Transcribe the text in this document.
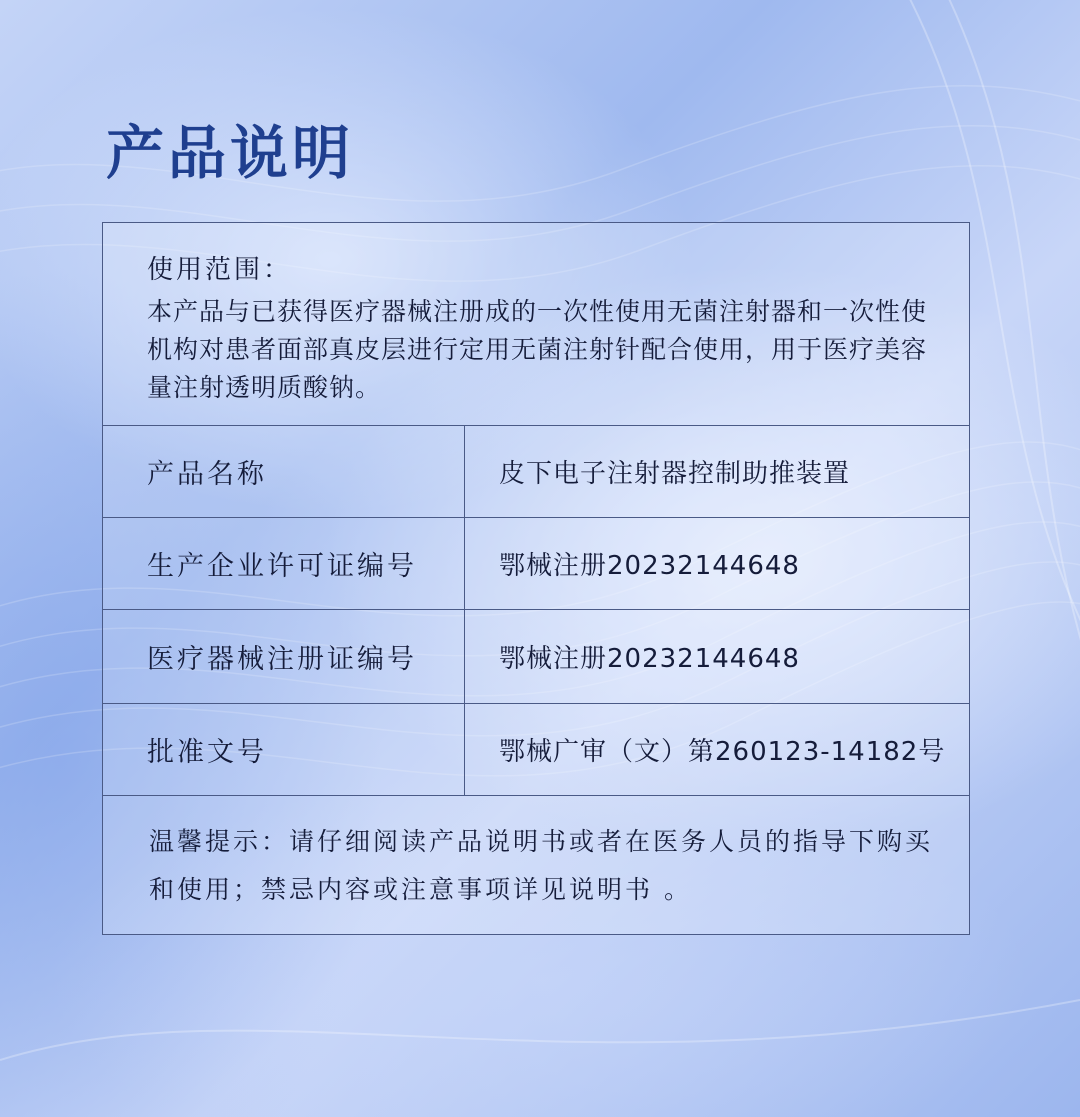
产品说明
使用范围：
本产品与已获得医疗器械注册成的一次性使用无菌注射器和一次性使机构对患者面部真皮层进行定用无菌注射针配合使用，用于医疗美容量注射透明质酸钠。
产品名称	皮下电子注射器控制助推装置
生产企业许可证编号	鄂械注册20232144648
医疗器械注册证编号	鄂械注册20232144648
批准文号	鄂械广审（文）第260123-14182号
温馨提示：请仔细阅读产品说明书或者在医务人员的指导下购买和使用；禁忌内容或注意事项详见说明书 。
